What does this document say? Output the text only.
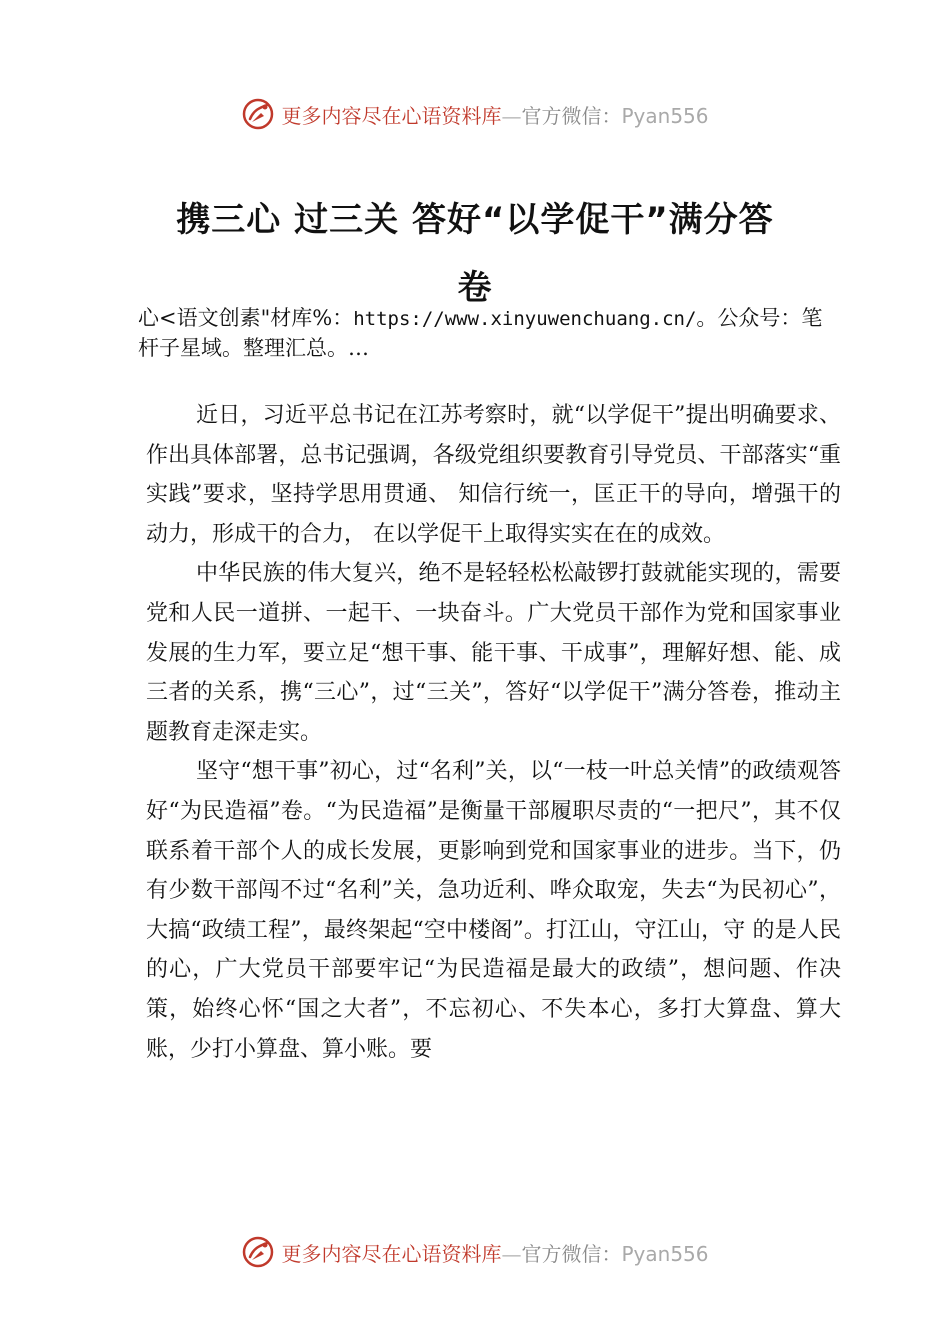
更多内容尽在心语资料库—官方微信：Pyan556
携三心 过三关 答好“以学促干”满分答
卷
心<语文创素"材库%：https://www.xinyuwenchuang.cn/。公众号：笔杆子星域。整理汇总。…

近日，习近平总书记在江苏考察时，就“以学促干”提出明确要求、作出具体部署，总书记强调，各级党组织要教育引导党员、干部落实“重实践”要求，坚持学思用贯通、 知信行统一，匡正干的导向，增强干的动力，形成干的合力， 在以学促干上取得实实在在的成效。

中华民族的伟大复兴，绝不是轻轻松松敲锣打鼓就能实现的，需要党和人民一道拼、一起干、一块奋斗。广大党员干部作为党和国家事业发展的生力军，要立足“想干事、能干事、干成事”，理解好想、能、成三者的关系，携“三心”，过“三关”，答好“以学促干”满分答卷，推动主题教育走深走实。

坚守“想干事”初心，过“名利”关，以“一枝一叶总关情”的政绩观答好“为民造福”卷。“为民造福”是衡量干部履职尽责的“一把尺”，其不仅联系着干部个人的成长发展，更影响到党和国家事业的进步。当下，仍有少数干部闯不过“名利”关，急功近利、哗众取宠，失去“为民初心”，大搞“政绩工程”，最终架起“空中楼阁”。打江山，守江山，守 的是人民的心，广大党员干部要牢记“为民造福是最大的政绩”，想问题、作决策，始终心怀“国之大者”，不忘初心、不失本心，多打大算盘、算大账，少打小算盘、算小账。要

更多内容尽在心语资料库—官方微信：Pyan556
